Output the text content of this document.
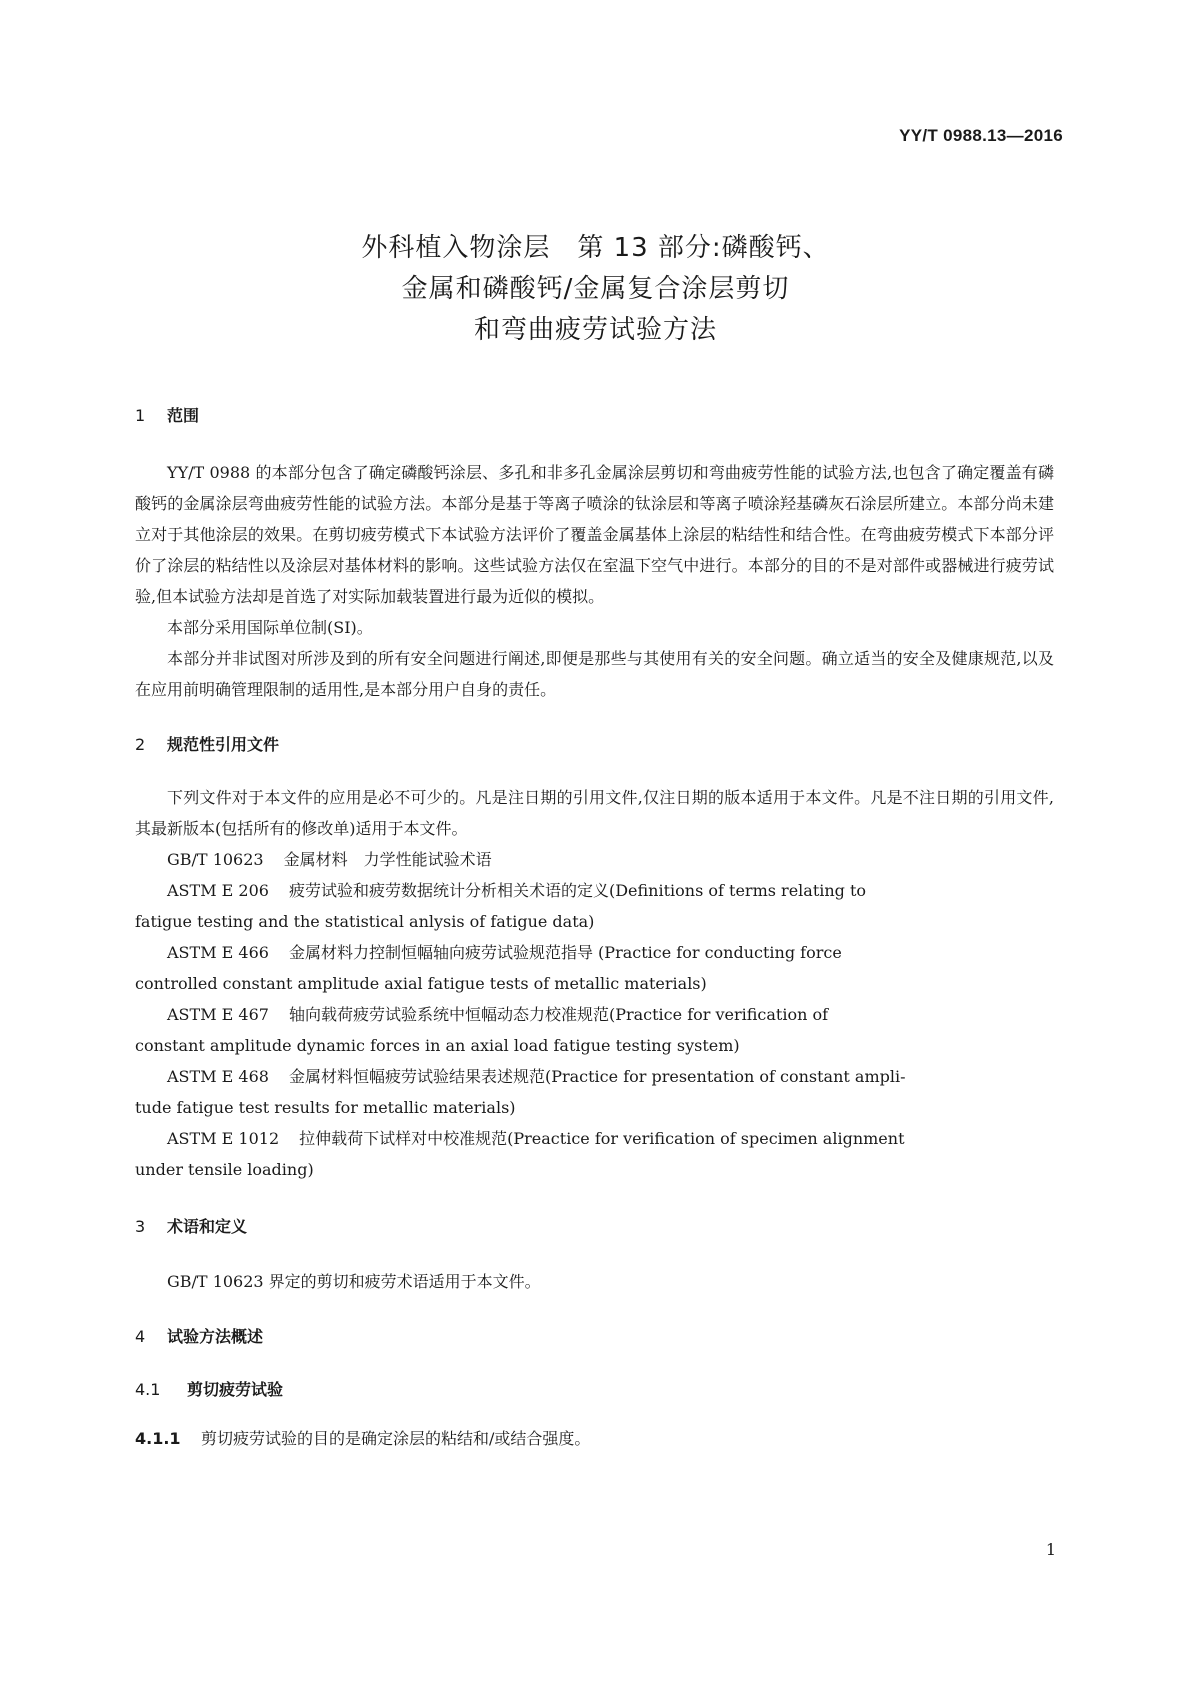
YY/T 0988.13—2016
外科植入物涂层　第 13 部分:磷酸钙、
金属和磷酸钙/金属复合涂层剪切
和弯曲疲劳试验方法
1 范围
YY/T 0988 的本部分包含了确定磷酸钙涂层、多孔和非多孔金属涂层剪切和弯曲疲劳性能的试验方法,也包含了确定覆盖有磷酸钙的金属涂层弯曲疲劳性能的试验方法。本部分是基于等离子喷涂的钛涂层和等离子喷涂羟基磷灰石涂层所建立。本部分尚未建立对于其他涂层的效果。在剪切疲劳模式下本试验方法评价了覆盖金属基体上涂层的粘结性和结合性。在弯曲疲劳模式下本部分评价了涂层的粘结性以及涂层对基体材料的影响。这些试验方法仅在室温下空气中进行。本部分的目的不是对部件或器械进行疲劳试验,但本试验方法却是首选了对实际加载装置进行最为近似的模拟。
本部分采用国际单位制(SI)。
本部分并非试图对所涉及到的所有安全问题进行阐述,即便是那些与其使用有关的安全问题。确立适当的安全及健康规范,以及在应用前明确管理限制的适用性,是本部分用户自身的责任。
2 规范性引用文件
下列文件对于本文件的应用是必不可少的。凡是注日期的引用文件,仅注日期的版本适用于本文件。凡是不注日期的引用文件,其最新版本(包括所有的修改单)适用于本文件。
GB/T 10623 金属材料　力学性能试验术语
ASTM E 206 疲劳试验和疲劳数据统计分析相关术语的定义(Definitions of terms relating to
fatigue testing and the statistical anlysis of fatigue data)
ASTM E 466 金属材料力控制恒幅轴向疲劳试验规范指导 (Practice for conducting force
controlled constant amplitude axial fatigue tests of metallic materials)
ASTM E 467 轴向载荷疲劳试验系统中恒幅动态力校准规范(Practice for verification of
constant amplitude dynamic forces in an axial load fatigue testing system)
ASTM E 468 金属材料恒幅疲劳试验结果表述规范(Practice for presentation of constant ampli-
tude fatigue test results for metallic materials)
ASTM E 1012 拉伸载荷下试样对中校准规范(Preactice for verification of specimen alignment
under tensile loading)
3 术语和定义
GB/T 10623 界定的剪切和疲劳术语适用于本文件。
4 试验方法概述
4.1 剪切疲劳试验
4.1.1 剪切疲劳试验的目的是确定涂层的粘结和/或结合强度。
1
